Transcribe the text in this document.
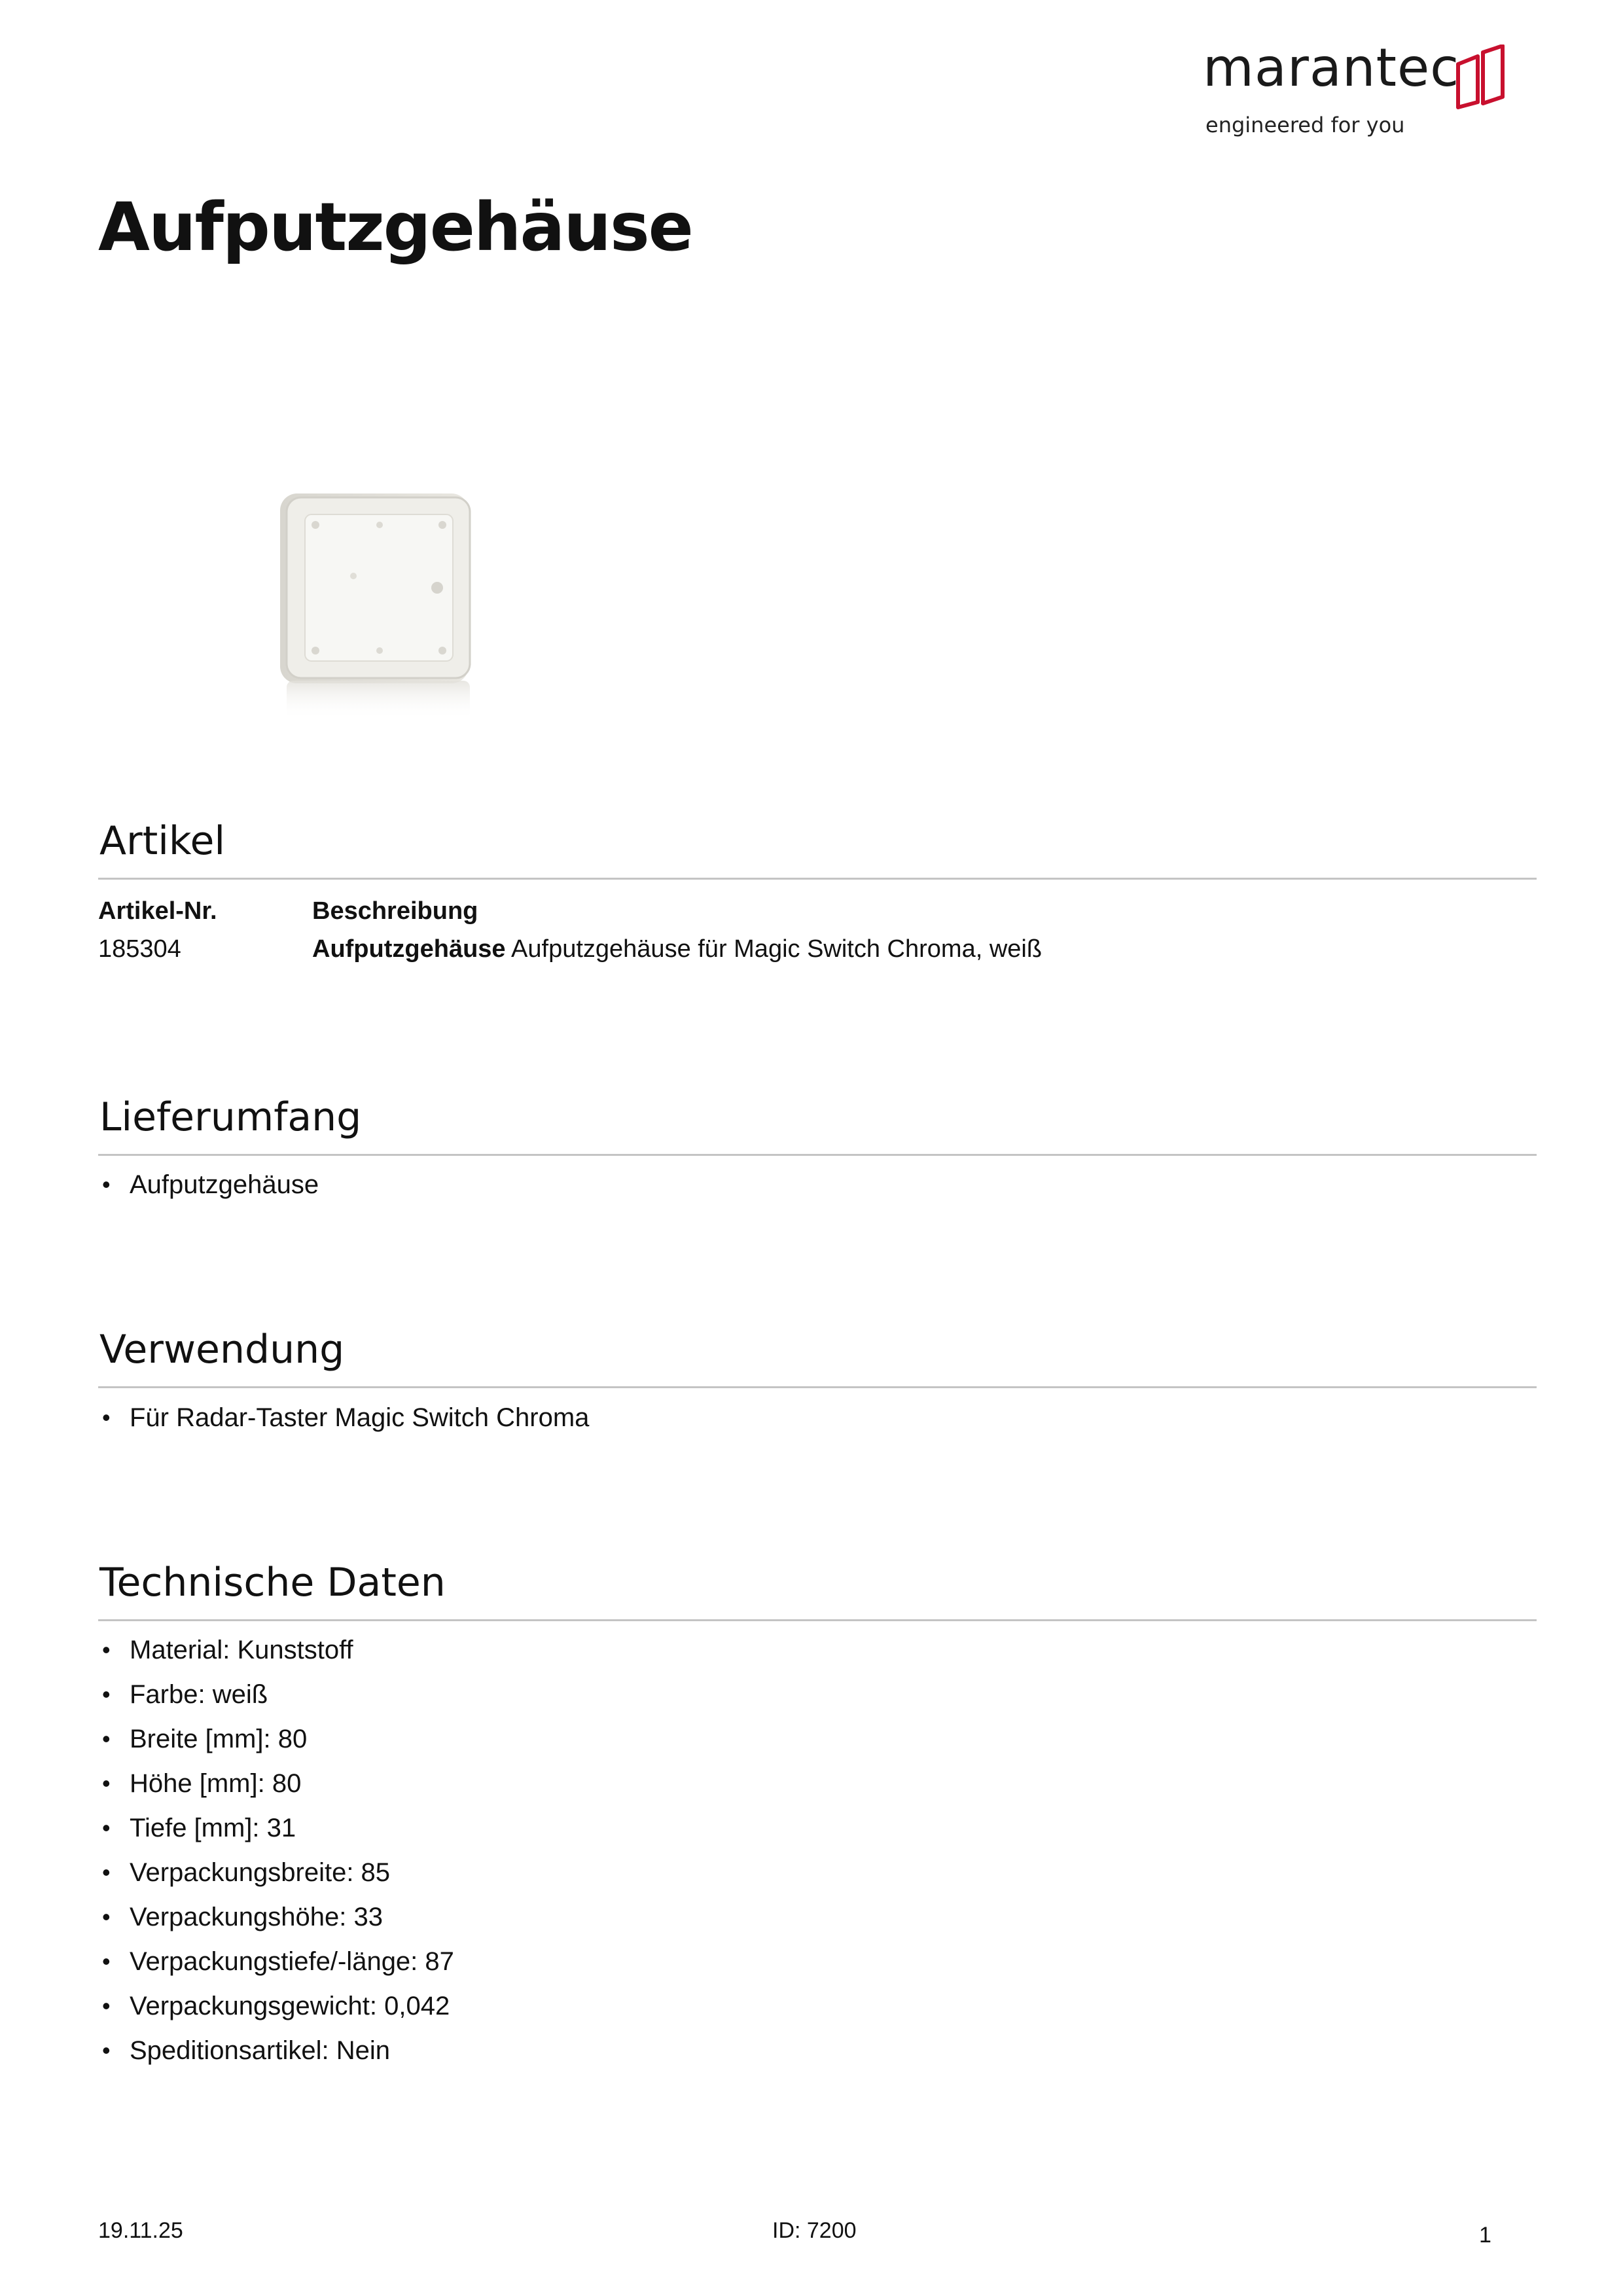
marantec
engineered for you
Aufputzgehäuse
Artikel
Artikel-Nr.	Beschreibung
185304	Aufputzgehäuse Aufputzgehäuse für Magic Switch Chroma, weiß
Lieferumfang
• Aufputzgehäuse
Verwendung
• Für Radar-Taster Magic Switch Chroma
Technische Daten
• Material: Kunststoff
• Farbe: weiß
• Breite [mm]: 80
• Höhe [mm]: 80
• Tiefe [mm]: 31
• Verpackungsbreite: 85
• Verpackungshöhe: 33
• Verpackungstiefe/-länge: 87
• Verpackungsgewicht: 0,042
• Speditionsartikel: Nein
19.11.25	ID: 7200	1
